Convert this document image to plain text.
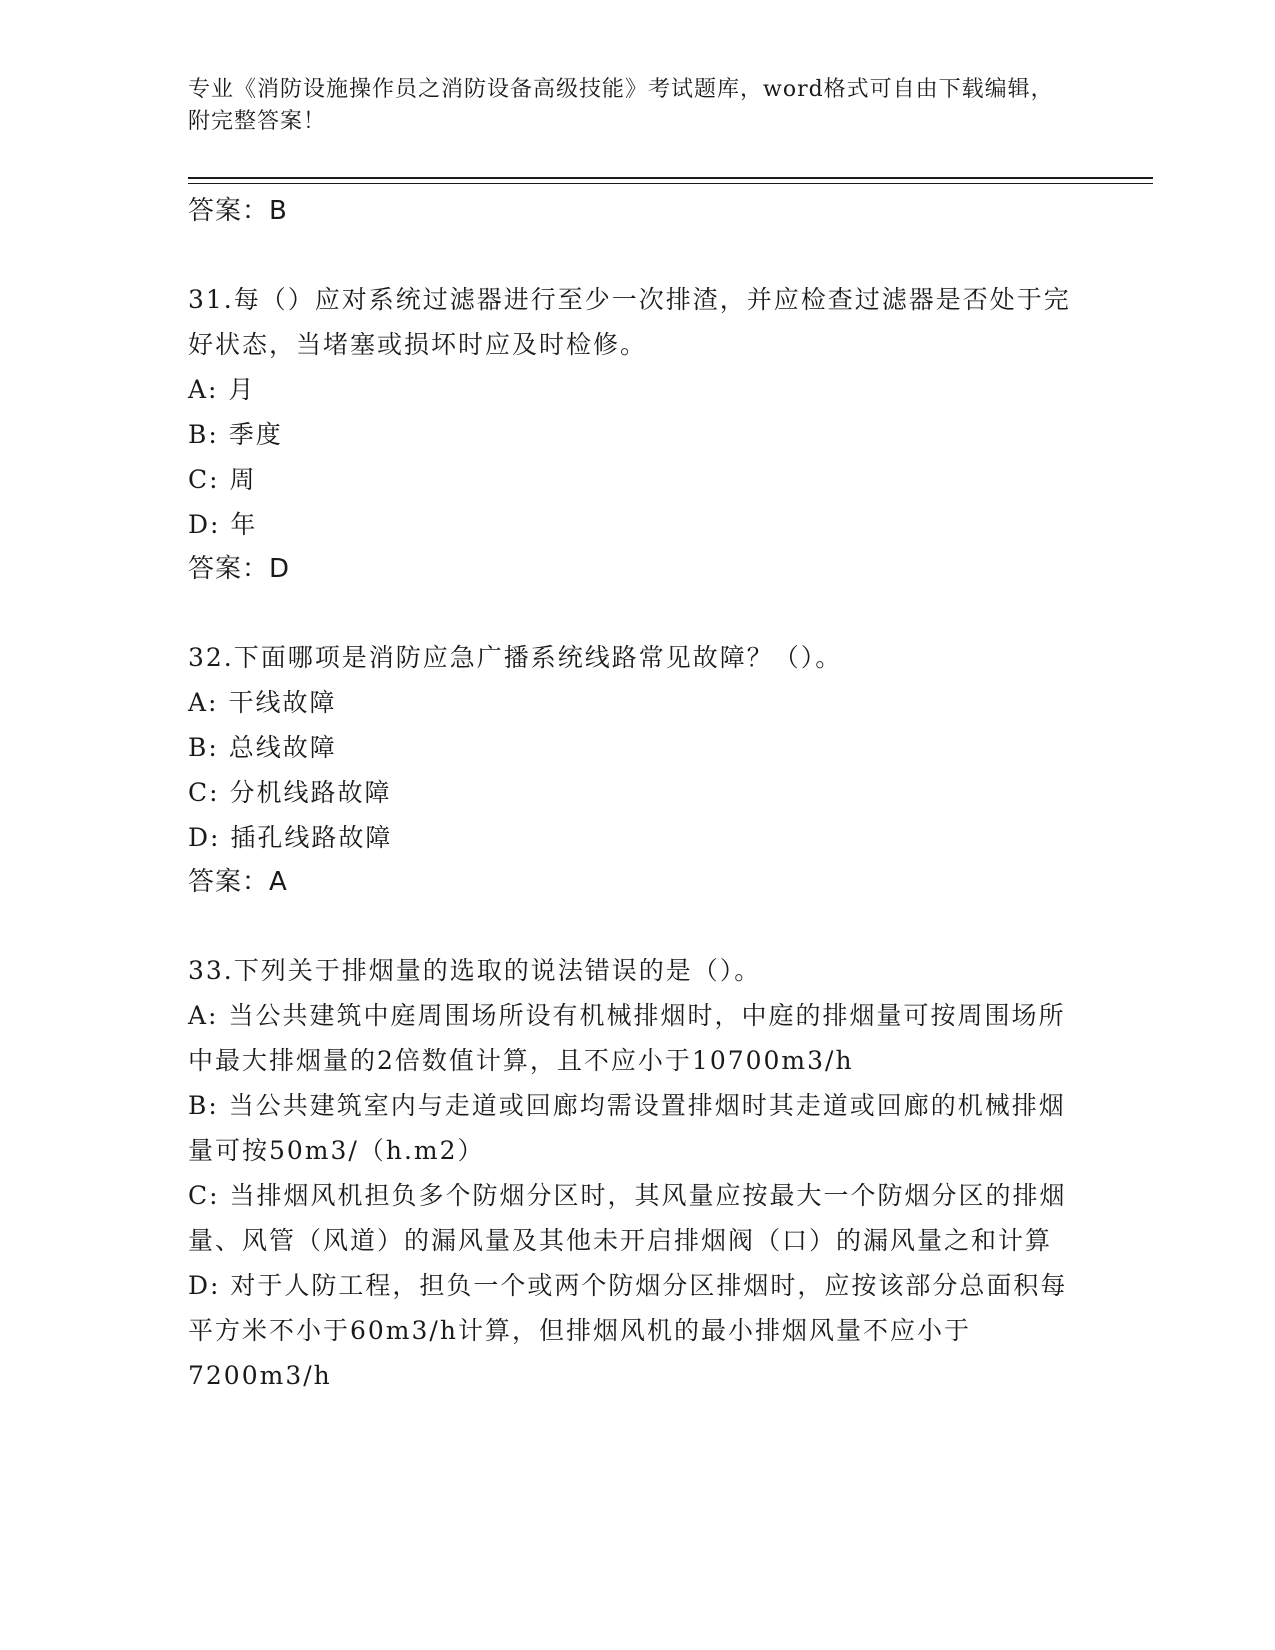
专业《消防设施操作员之消防设备高级技能》考试题库，word格式可自由下载编辑，附完整答案！
答案：B
31.每（）应对系统过滤器进行至少一次排渣，并应检查过滤器是否处于完好状态，当堵塞或损坏时应及时检修。
A: 月
B: 季度
C: 周
D: 年
答案：D
32.下面哪项是消防应急广播系统线路常见故障？（）。
A: 干线故障
B: 总线故障
C: 分机线路故障
D: 插孔线路故障
答案：A
33.下列关于排烟量的选取的说法错误的是（）。
A: 当公共建筑中庭周围场所设有机械排烟时，中庭的排烟量可按周围场所中最大排烟量的2倍数值计算，且不应小于10700m3/h
B: 当公共建筑室内与走道或回廊均需设置排烟时其走道或回廊的机械排烟量可按50m3/（h.m2）
C: 当排烟风机担负多个防烟分区时，其风量应按最大一个防烟分区的排烟量、风管（风道）的漏风量及其他未开启排烟阀（口）的漏风量之和计算
D: 对于人防工程，担负一个或两个防烟分区排烟时，应按该部分总面积每平方米不小于60m3/h计算，但排烟风机的最小排烟风量不应小于7200m3/h
